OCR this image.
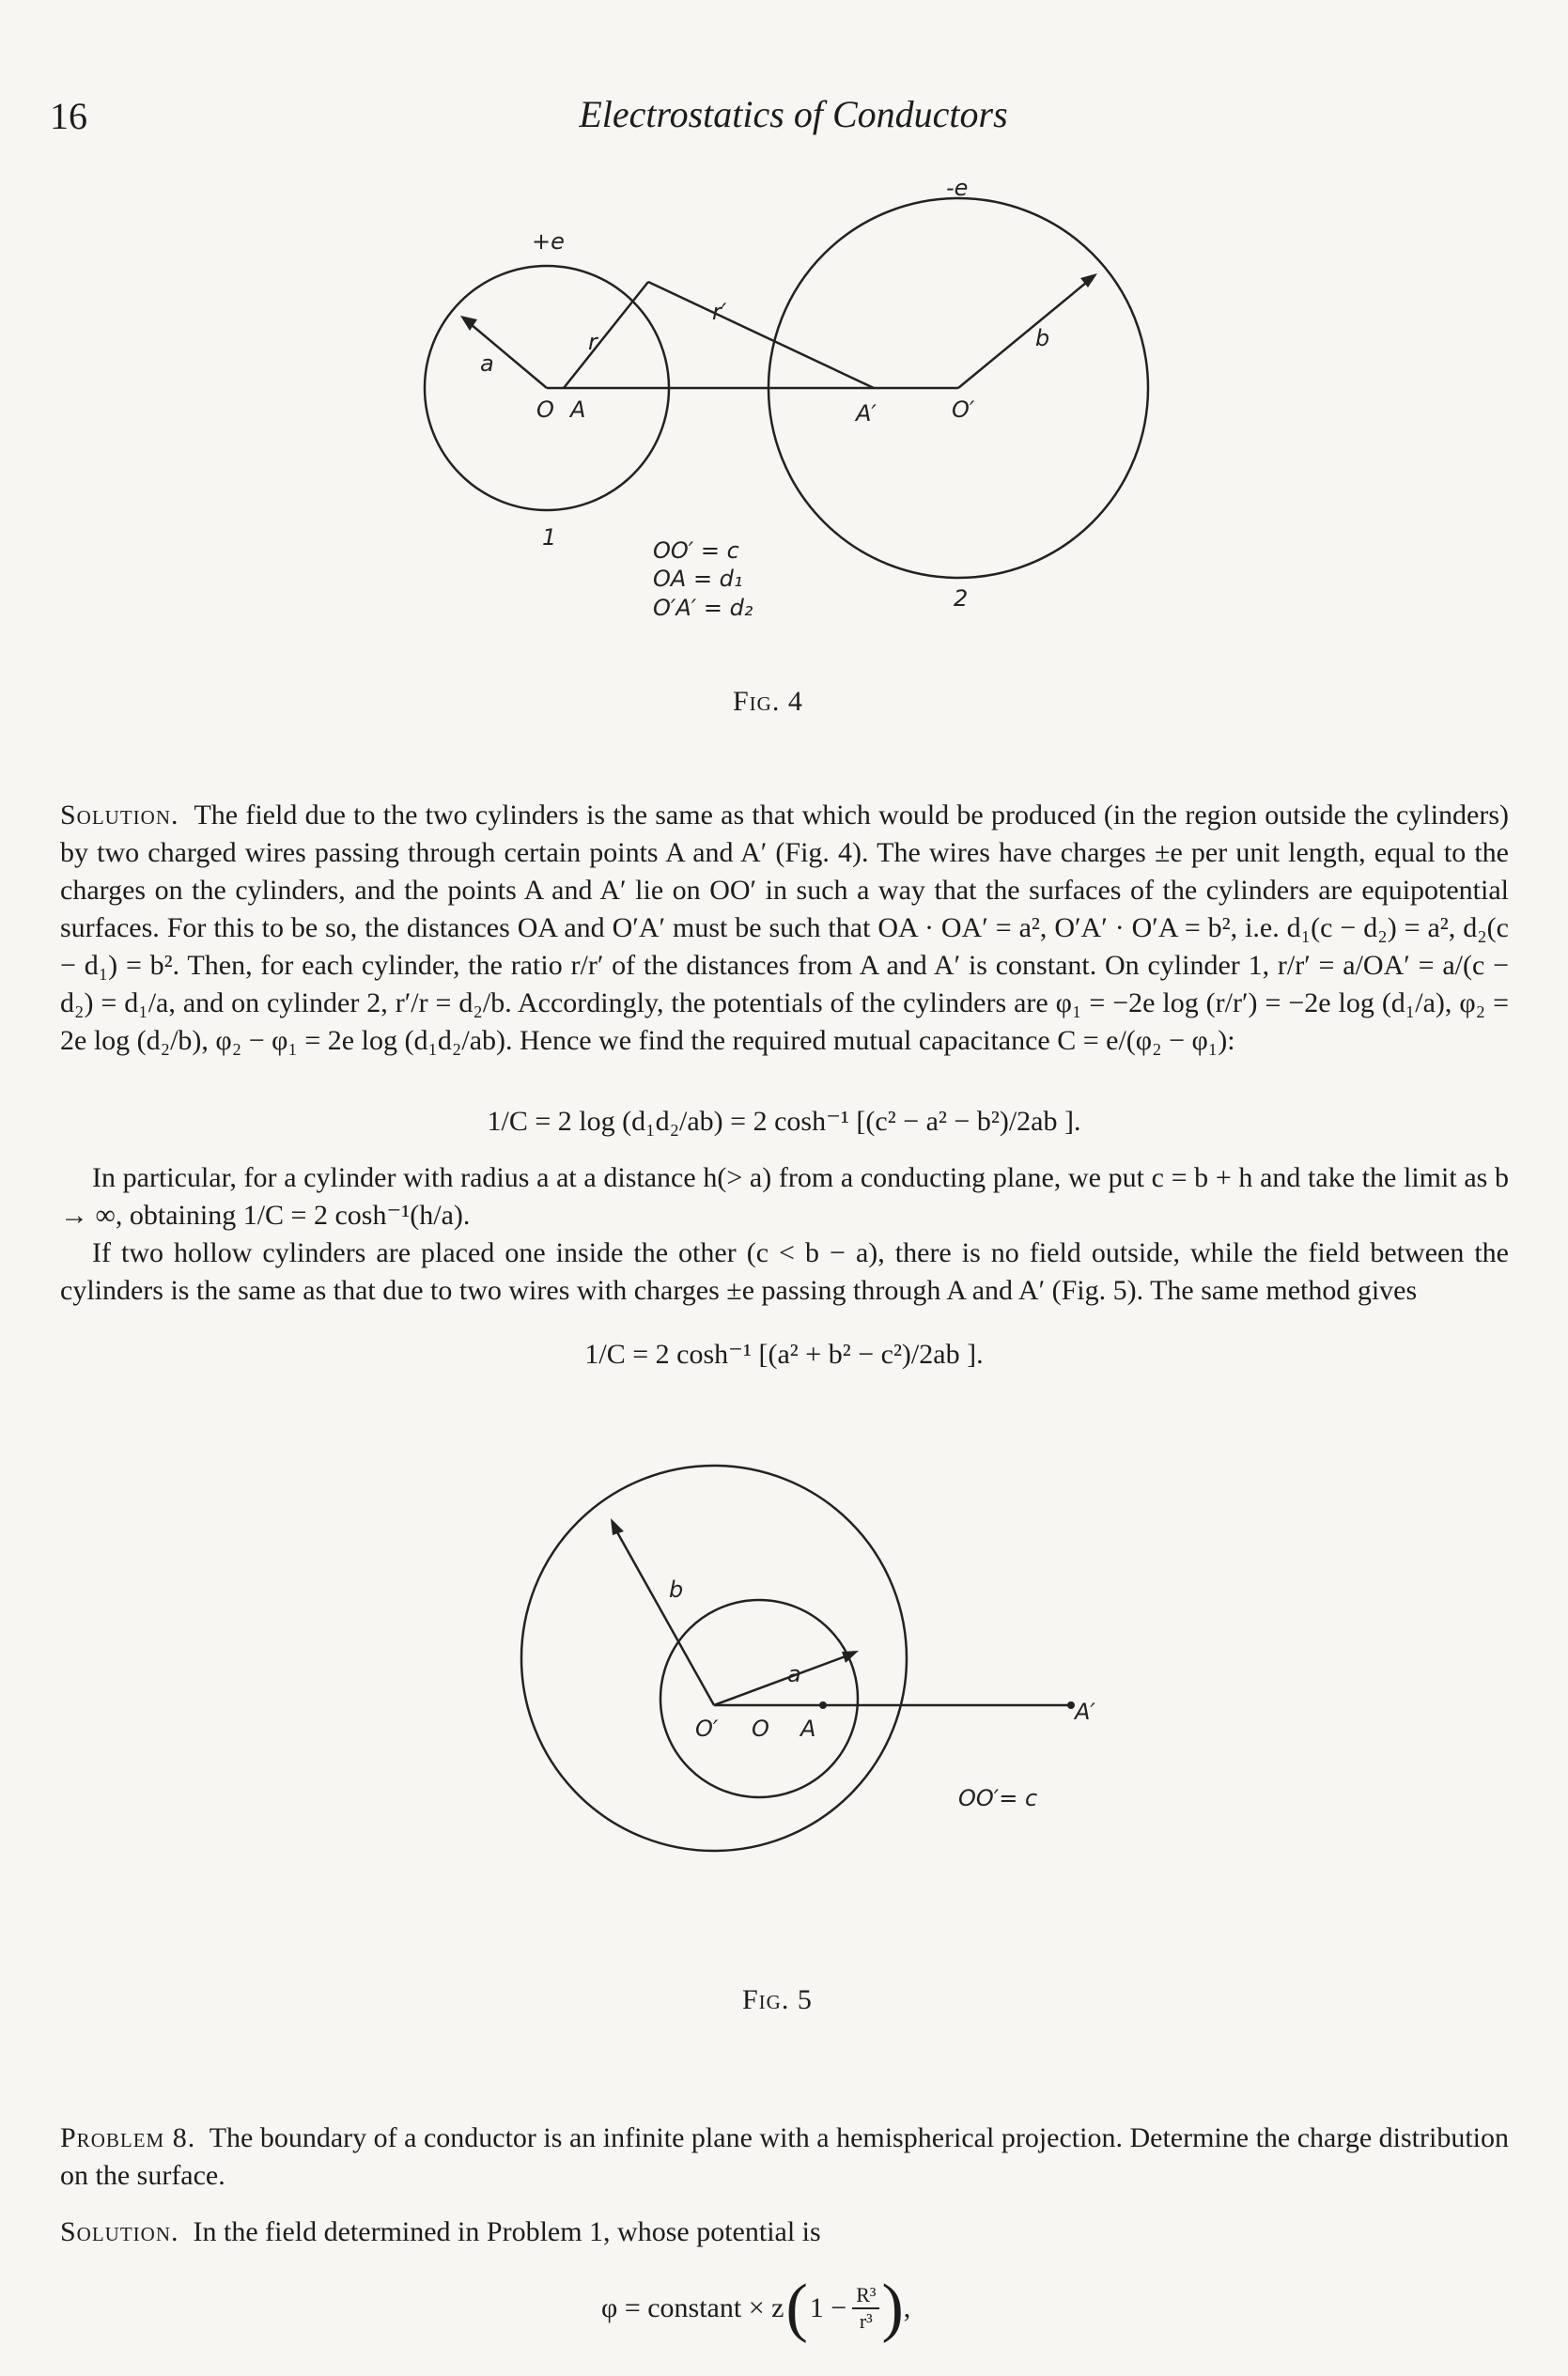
16	Electrostatics of Conductors
-e
+e
a
r
r′
b
O A	A′	O′
1
2
OO′ = c
OA = d₁
O′A′ = d₂
b
a
O′ O A
A′
OO′= c
Fig. 4

Solution. The field due to the two cylinders is the same as that which would be produced (in the region outside the cylinders) by two charged wires passing through certain points A and A′ (Fig. 4). The wires have charges ±e per unit length, equal to the charges on the cylinders, and the points A and A′ lie on OO′ in such a way that the surfaces of the cylinders are equipotential surfaces. For this to be so, the distances OA and O′A′ must be such that OA · OA′ = a², O′A′ · O′A = b², i.e. d₁(c − d₂) = a², d₂(c − d₁) = b². Then, for each cylinder, the ratio r/r′ of the distances from A and A′ is constant. On cylinder 1, r/r′ = a/OA′ = a/(c − d₂) = d₁/a, and on cylinder 2, r′/r = d₂/b. Accordingly, the potentials of the cylinders are φ₁ = −2e log (r/r′) = −2e log (d₁/a), φ₂ = 2e log (d₂/b), φ₂ − φ₁ = 2e log (d₁d₂/ab). Hence we find the required mutual capacitance C = e/(φ₂ − φ₁):

1/C = 2 log (d₁d₂/ab) = 2 cosh⁻¹ [(c² − a² − b²)/2ab ].

In particular, for a cylinder with radius a at a distance h(> a) from a conducting plane, we put c = b + h and take the limit as b → ∞, obtaining 1/C = 2 cosh⁻¹(h/a).

If two hollow cylinders are placed one inside the other (c < b − a), there is no field outside, while the field between the cylinders is the same as that due to two wires with charges ±e passing through A and A′ (Fig. 5). The same method gives

1/C = 2 cosh⁻¹ [(a² + b² − c²)/2ab ].
Fig. 5

Problem 8. The boundary of a conductor is an infinite plane with a hemispherical projection. Determine the charge distribution on the surface.

Solution. In the field determined in Problem 1, whose potential is

φ = constant × z ( $1 - \frac{\text{R³}}{\text{r³}}$ ) ,
